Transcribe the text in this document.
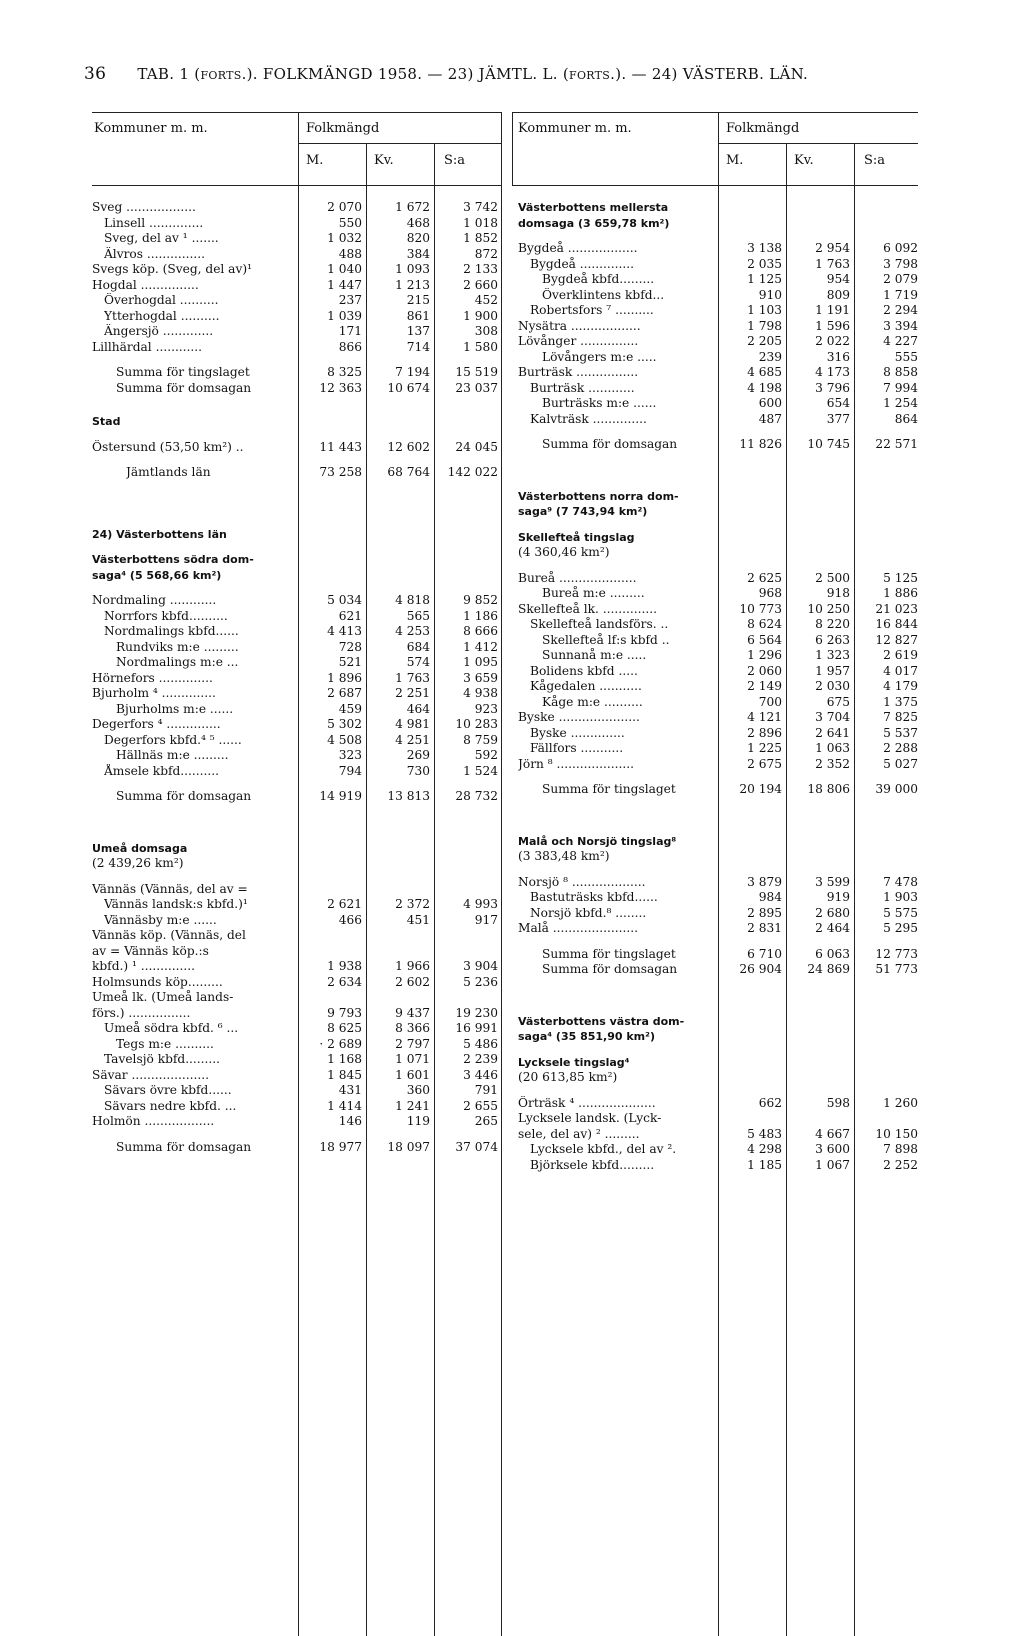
36 TAB. 1 (forts.). FOLKMÄNGD 1958. — 23) JÄMTL. L. (forts.). — 24) VÄSTERB. LÄN.
Kommuner m. m.	Folkmängd
M.	Kv.	S:a
Sveg ..................	2 070	1 672	3 742
Linsell ..............	550	468	1 018
Sveg, del av ¹ .......	1 032	820	1 852
Älvros ...............	488	384	872
Svegs köp. (Sveg, del av)¹	1 040	1 093	2 133
Hogdal ...............	1 447	1 213	2 660
Överhogdal ..........	237	215	452
Ytterhogdal ..........	1 039	861	1 900
Ängersjö .............	171	137	308
Lillhärdal ............	866	714	1 580
Summa för tingslaget	8 325	7 194	15 519
Summa för domsagan	12 363	10 674	23 037
Stad
Östersund (53,50 km²) ..	11 443	12 602	24 045
Jämtlands län	73 258	68 764	142 022
24) Västerbottens län
Västerbottens södra dom-
saga⁴ (5 568,66 km²)
Nordmaling ............	5 034	4 818	9 852
Norrfors kbfd..........	621	565	1 186
Nordmalings kbfd......	4 413	4 253	8 666
Rundviks m:e .........	728	684	1 412
Nordmalings m:e ...	521	574	1 095
Hörnefors ..............	1 896	1 763	3 659
Bjurholm ⁴ ..............	2 687	2 251	4 938
Bjurholms m:e ......	459	464	923
Degerfors ⁴ ..............	5 302	4 981	10 283
Degerfors kbfd.⁴ ⁵ ......	4 508	4 251	8 759
Hällnäs m:e .........	323	269	592
Åmsele kbfd..........	794	730	1 524
Summa för domsagan	14 919	13 813	28 732
Umeå domsaga
(2 439,26 km²)
Vännäs (Vännäs, del av =
Vännäs landsk:s kbfd.)¹	2 621	2 372	4 993
Vännäsby m:e ......	466	451	917
Vännäs köp. (Vännäs, del
av = Vännäs köp.:s
kbfd.) ¹ ..............	1 938	1 966	3 904
Holmsunds köp.........	2 634	2 602	5 236
Umeå lk. (Umeå lands-
förs.) ................	9 793	9 437	19 230
Umeå södra kbfd. ⁶ ...	8 625	8 366	16 991
Tegs m:e ..........	· 2 689	2 797	5 486
Tavelsjö kbfd.........	1 168	1 071	2 239
Sävar ....................	1 845	1 601	3 446
Sävars övre kbfd......	431	360	791
Sävars nedre kbfd. ...	1 414	1 241	2 655
Holmön ..................	146	119	265
Summa för domsagan	18 977	18 097	37 074
Kommuner m. m.	Folkmängd
M.	Kv.	S:a
Västerbottens mellersta
domsaga (3 659,78 km²)
Bygdeå ..................	3 138	2 954	6 092
Bygdeå ..............	2 035	1 763	3 798
Bygdeå kbfd.........	1 125	954	2 079
Överklintens kbfd...	910	809	1 719
Robertsfors ⁷ ..........	1 103	1 191	2 294
Nysätra ..................	1 798	1 596	3 394
Lövånger ...............	2 205	2 022	4 227
Lövångers m:e .....	239	316	555
Burträsk ................	4 685	4 173	8 858
Burträsk ............	4 198	3 796	7 994
Burträsks m:e ......	600	654	1 254
Kalvträsk ..............	487	377	864
Summa för domsagan	11 826	10 745	22 571
Västerbottens norra dom-
saga⁹ (7 743,94 km²)
Skellefteå tingslag
(4 360,46 km²)
Bureå ....................	2 625	2 500	5 125
Bureå m:e .........	968	918	1 886
Skellefteå lk. ..............	10 773	10 250	21 023
Skellefteå landsförs. ..	8 624	8 220	16 844
Skellefteå lf:s kbfd ..	6 564	6 263	12 827
Sunnanå m:e .....	1 296	1 323	2 619
Bolidens kbfd .....	2 060	1 957	4 017
Kågedalen ...........	2 149	2 030	4 179
Kåge m:e ..........	700	675	1 375
Byske .....................	4 121	3 704	7 825
Byske ..............	2 896	2 641	5 537
Fällfors ...........	1 225	1 063	2 288
Jörn ⁸ ....................	2 675	2 352	5 027
Summa för tingslaget	20 194	18 806	39 000
Malå och Norsjö tingslag⁸
(3 383,48 km²)
Norsjö ⁸ ...................	3 879	3 599	7 478
Bastuträsks kbfd......	984	919	1 903
Norsjö kbfd.⁸ ........	2 895	2 680	5 575
Malå ......................	2 831	2 464	5 295
Summa för tingslaget	6 710	6 063	12 773
Summa för domsagan	26 904	24 869	51 773
Västerbottens västra dom-
saga⁴ (35 851,90 km²)
Lycksele tingslag⁴
(20 613,85 km²)
Örträsk ⁴ ....................	662	598	1 260
Lycksele landsk. (Lyck-
sele, del av) ² .........	5 483	4 667	10 150
Lycksele kbfd., del av ².	4 298	3 600	7 898
Björksele kbfd.........	1 185	1 067	2 252
